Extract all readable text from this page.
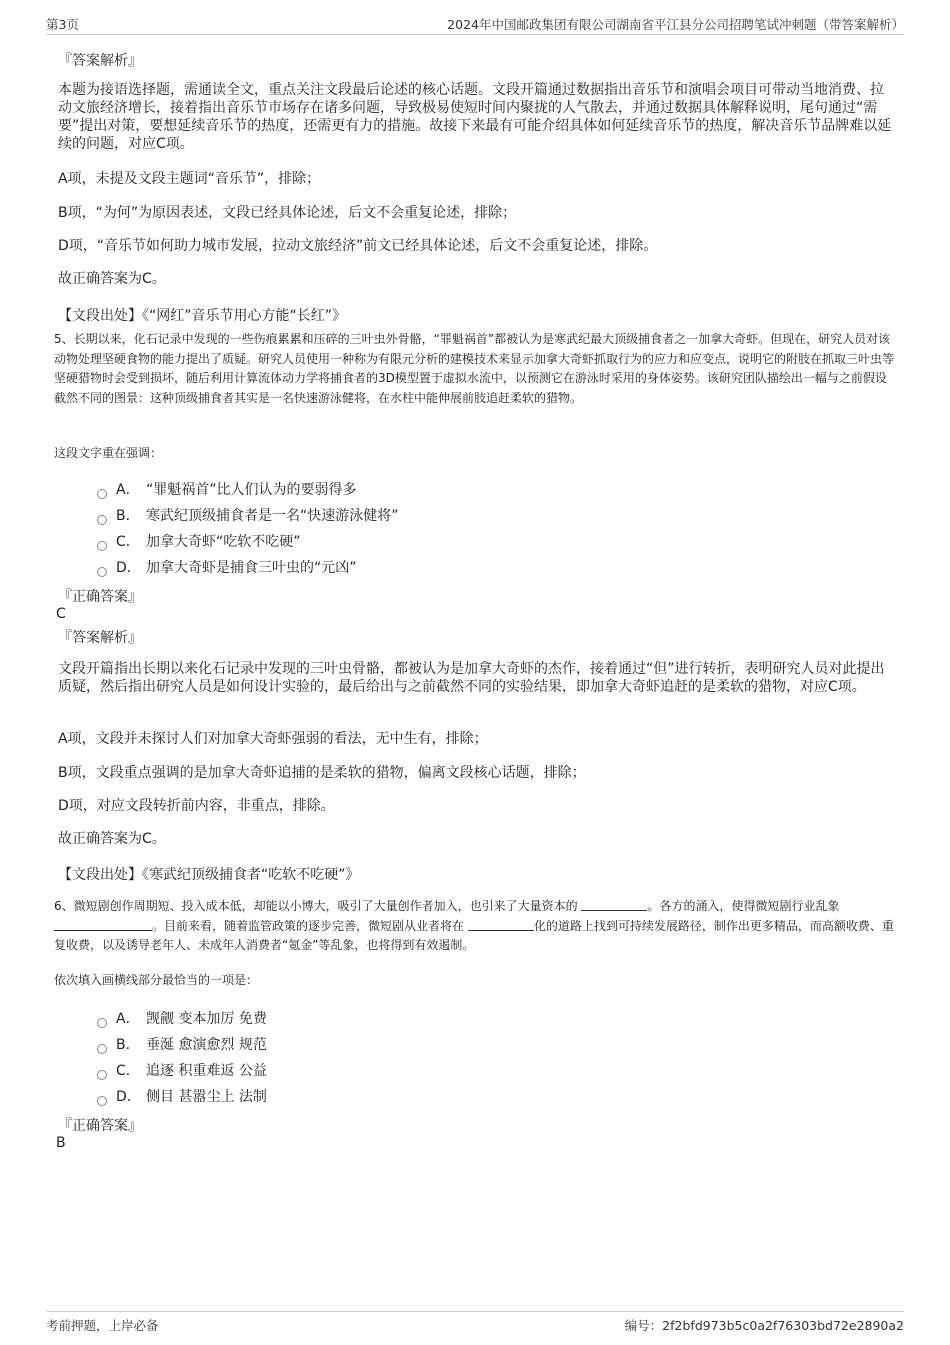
第3页	2024年中国邮政集团有限公司湖南省平江县分公司招聘笔试冲刺题（带答案解析）
『答案解析』

本题为接语选择题，需通读全文，重点关注文段最后论述的核心话题。文段开篇通过数据指出音乐节和演唱会项目可带动当地消费、拉动文旅经济增长，接着指出音乐节市场存在诸多问题，导致极易使短时间内聚拢的人气散去，并通过数据具体解释说明，尾句通过“需要”提出对策，要想延续音乐节的热度，还需更有力的措施。故接下来最有可能介绍具体如何延续音乐节的热度，解决音乐节品牌难以延续的问题，对应C项。

A项，未提及文段主题词“音乐节”，排除；

B项，“为何”为原因表述，文段已经具体论述，后文不会重复论述，排除；

D项，“音乐节如何助力城市发展，拉动文旅经济”前文已经具体论述，后文不会重复论述，排除。

故正确答案为C。

【文段出处】《“网红”音乐节用心方能“长红”》

5、长期以来，化石记录中发现的一些伤痕累累和压碎的三叶虫外骨骼，“罪魁祸首”都被认为是寒武纪最大顶级捕食者之一加拿大奇虾。但现在，研究人员对该动物处理坚硬食物的能力提出了质疑。研究人员使用一种称为有限元分析的建模技术来显示加拿大奇虾抓取行为的应力和应变点，说明它的附肢在抓取三叶虫等坚硬猎物时会受到损坏，随后利用计算流体动力学将捕食者的3D模型置于虚拟水流中，以预测它在游泳时采用的身体姿势。该研究团队描绘出一幅与之前假设截然不同的图景：这种顶级捕食者其实是一名快速游泳健将，在水柱中能伸展前肢追赶柔软的猎物。

这段文字重在强调：

A． “罪魁祸首”比人们认为的要弱得多
B． 寒武纪顶级捕食者是一名“快速游泳健将”
C． 加拿大奇虾“吃软不吃硬”
D． 加拿大奇虾是捕食三叶虫的“元凶”
『正确答案』
C
『答案解析』

文段开篇指出长期以来化石记录中发现的三叶虫骨骼，都被认为是加拿大奇虾的杰作，接着通过“但”进行转折，表明研究人员对此提出质疑，然后指出研究人员是如何设计实验的，最后给出与之前截然不同的实验结果，即加拿大奇虾追赶的是柔软的猎物，对应C项。

A项，文段并未探讨人们对加拿大奇虾强弱的看法，无中生有，排除；

B项，文段重点强调的是加拿大奇虾追捕的是柔软的猎物，偏离文段核心话题，排除；

D项，对应文段转折前内容，非重点，排除。

故正确答案为C。

【文段出处】《寒武纪顶级捕食者“吃软不吃硬”》

6、微短剧创作周期短、投入成本低，却能以小博大，吸引了大量创作者加入，也引来了大量资本的	。各方的涌入，使得微短剧行业乱象 。目前来看，随着监管政策的逐步完善，微短剧从业者将在	化的道路上找到可持续发展路径，制作出更多精品，而高额收费、重复收费，以及诱导老年人、未成年人消费者“氪金”等乱象，也将得到有效遏制。

依次填入画横线部分最恰当的一项是：

A． 觊觎 变本加厉 免费
B． 垂涎 愈演愈烈 规范
C． 追逐 积重难返 公益
D． 侧目 甚嚣尘上 法制
『正确答案』
B
考前押题，上岸必备	编号：2f2bfd973b5c0a2f76303bd72e2890a2
